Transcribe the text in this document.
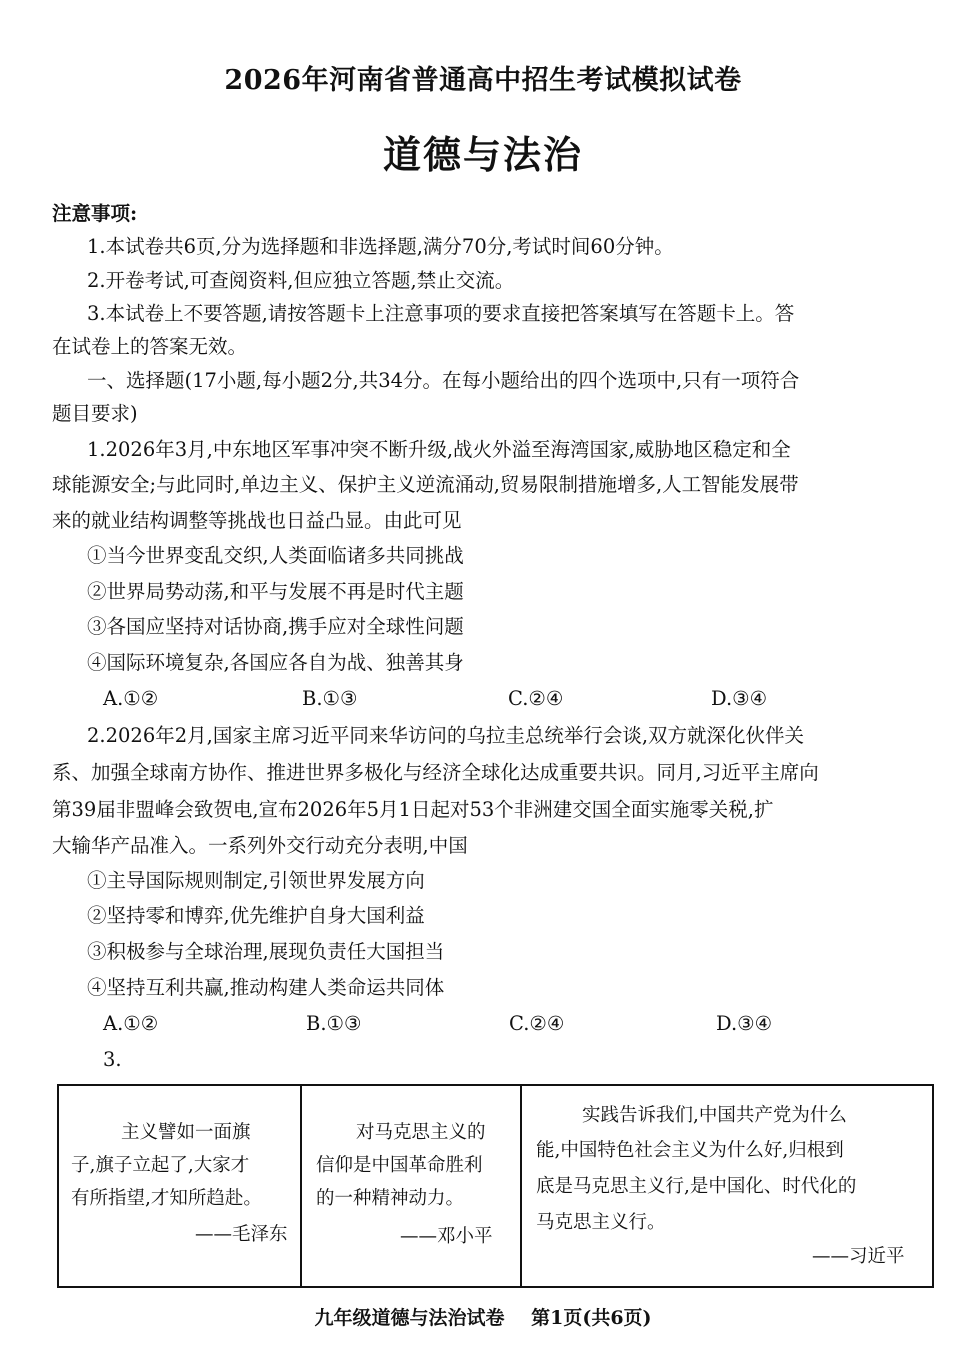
2026年河南省普通高中招生考试模拟试卷
道德与法治
注意事项:
1.本试卷共6页,分为选择题和非选择题,满分70分,考试时间60分钟。
2.开卷考试,可查阅资料,但应独立答题,禁止交流。
3.本试卷上不要答题,请按答题卡上注意事项的要求直接把答案填写在答题卡上。答
在试卷上的答案无效。
一、选择题(17小题,每小题2分,共34分。在每小题给出的四个选项中,只有一项符合
题目要求)
1.2026年3月,中东地区军事冲突不断升级,战火外溢至海湾国家,威胁地区稳定和全
球能源安全;与此同时,单边主义、保护主义逆流涌动,贸易限制措施增多,人工智能发展带
来的就业结构调整等挑战也日益凸显。由此可见
①当今世界变乱交织,人类面临诸多共同挑战
②世界局势动荡,和平与发展不再是时代主题
③各国应坚持对话协商,携手应对全球性问题
④国际环境复杂,各国应各自为战、独善其身
A.①②	B.①③	C.②④	D.③④
2.2026年2月,国家主席习近平同来华访问的乌拉圭总统举行会谈,双方就深化伙伴关
系、加强全球南方协作、推进世界多极化与经济全球化达成重要共识。同月,习近平主席向
第39届非盟峰会致贺电,宣布2026年5月1日起对53个非洲建交国全面实施零关税,扩
大输华产品准入。一系列外交行动充分表明,中国
①主导国际规则制定,引领世界发展方向
②坚持零和博弈,优先维护自身大国利益
③积极参与全球治理,展现负责任大国担当
④坚持互利共赢,推动构建人类命运共同体
A.①②	B.①③	C.②④	D.③④
3.
主义譬如一面旗
子,旗子立起了,大家才
有所指望,才知所趋赴。
——毛泽东
对马克思主义的
信仰是中国革命胜利
的一种精神动力。
——邓小平
实践告诉我们,中国共产党为什么
能,中国特色社会主义为什么好,归根到
底是马克思主义行,是中国化、时代化的
马克思主义行。
——习近平
九年级道德与法治试卷 第1页(共6页)
